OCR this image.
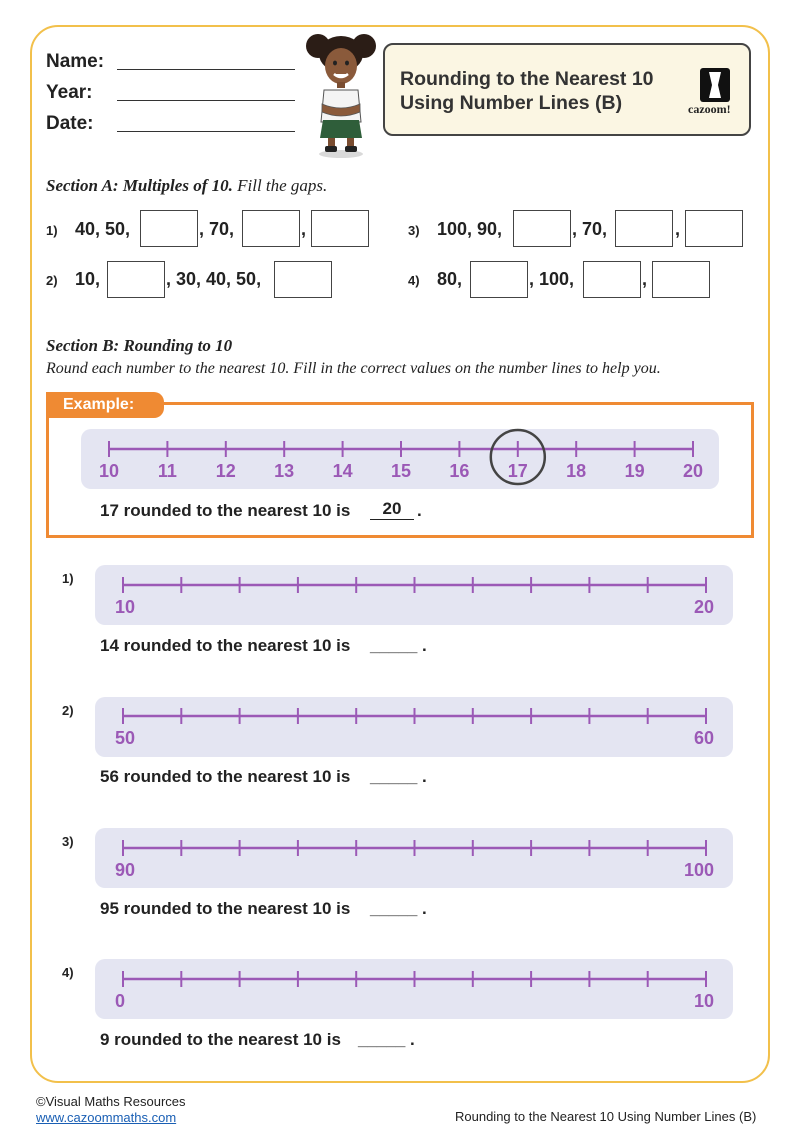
Name:
Year:
Date:
Rounding to the Nearest 10
Using Number Lines (B)	cazoom!
Section A: Multiples of 10. Fill the gaps.
1) 40, 50,	, 70,	,
2) 10,	, 30, 40, 50,
3) 100, 90,	, 70,	,
4) 80,	, 100,	,
Section B: Rounding to 10
Round each number to the nearest 10. Fill in the correct values on the number lines to help you.
Example:
10 11 12 13 14 15 16 17 18 19 20
17 rounded to the nearest 10 is	20 .
1)
14 rounded to the nearest 10 is _____ .
2)
56 rounded to the nearest 10 is _____ .
3)
95 rounded to the nearest 10 is _____ .
4)
9 rounded to the nearest 10 is _____ .
10	20
50	60
90	100
0	10
©Visual Maths Resources
www.cazoommaths.com	Rounding to the Nearest 10 Using Number Lines (B)
